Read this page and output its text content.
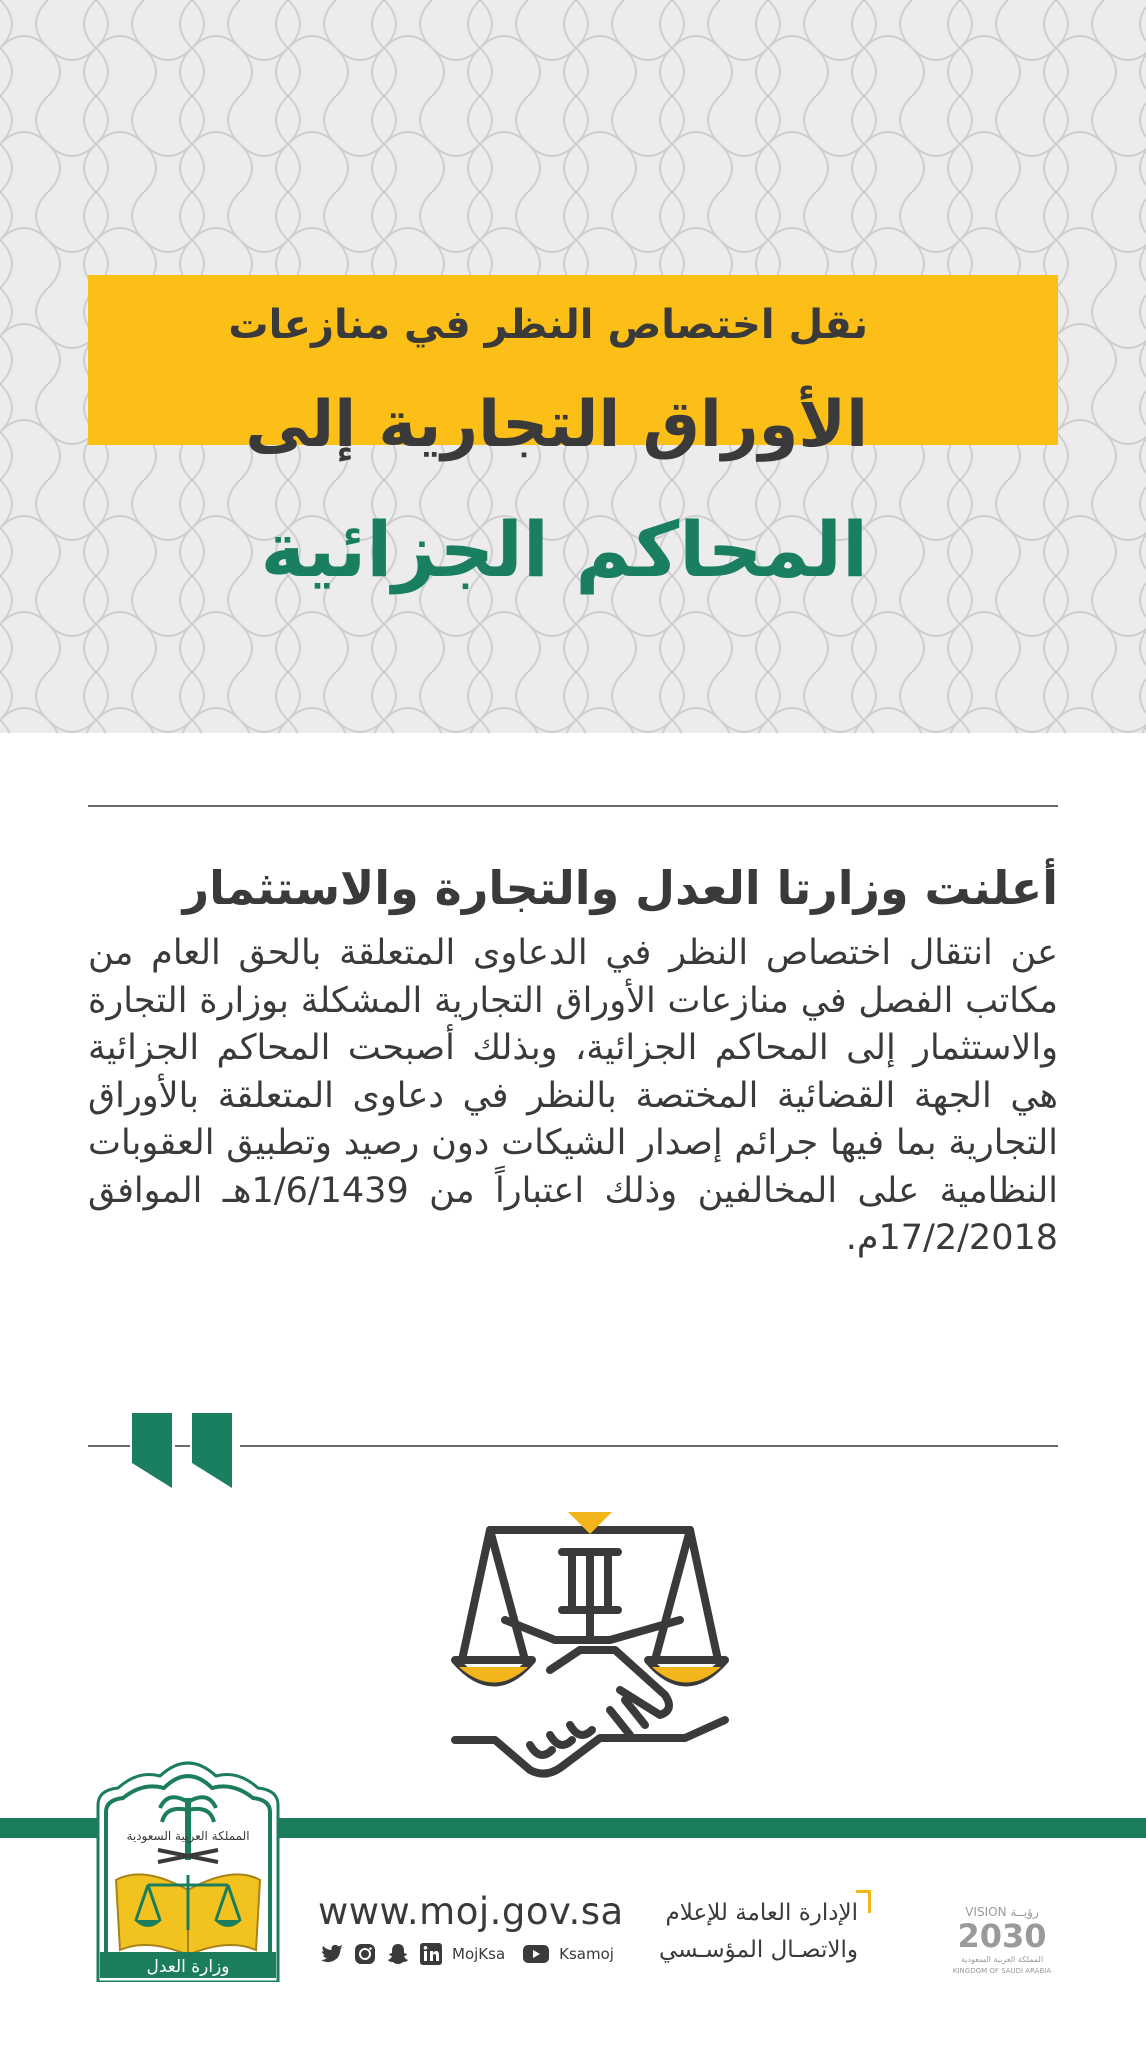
نقل اختصاص النظر في منازعات
الأوراق التجارية إلى
المحاكم الجزائية
أعلنت وزارتا العدل والتجارة والاستثمار
عن انتقال اختصاص النظر في الدعاوى المتعلقة بالحق العام من مكاتب الفصل في منازعات الأوراق التجارية المشكلة بوزارة التجارة والاستثمار إلى المحاكم الجزائية، وبذلك أصبحت المحاكم الجزائية هي الجهة القضائية المختصة بالنظر في دعاوى المتعلقة بالأوراق التجارية بما فيها جرائم إصدار الشيكات دون رصيد وتطبيق العقوبات النظامية على المخالفين وذلك اعتباراً من 1/6/1439هـ الموافق 17/2/2018م.
المملكة العربية السعودية
وزارة العدل
www.moj.gov.sa
MojKsa	Ksamoj
الإدارة العامة للإعلام
والاتصـال المؤسـسي
VISION رؤيــة
2030
المملكة العربية السعودية
KINGDOM OF SAUDI ARABIA
